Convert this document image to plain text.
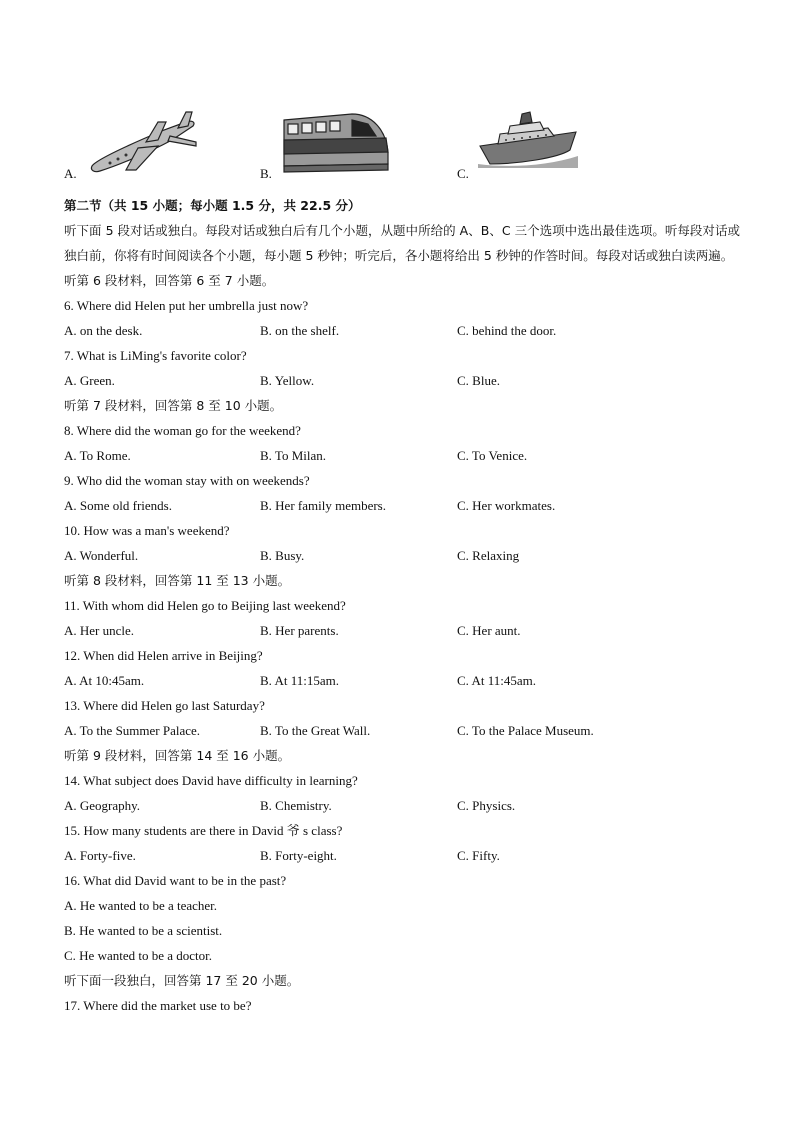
A.	B.	C.
第二节（共 15 小题；每小题 1.5 分，共 22.5 分）
听下面 5 段对话或独白。每段对话或独白后有几个小题，从题中所给的 A、B、C 三个选项中选出最佳选项。听每段对话或独白前，你将有时间阅读各个小题，每小题 5 秒钟；听完后，各小题将给出 5 秒钟的作答时间。每段对话或独白读两遍。
听第 6 段材料，回答第 6 至 7 小题。
6. Where did Helen put her umbrella just now?
A. on the desk.	B. on the shelf.	C. behind the door.
7. What is LiMing's favorite color?
A. Green.	B. Yellow.	C. Blue.
听第 7 段材料，回答第 8 至 10 小题。
8. Where did the woman go for the weekend?
A. To Rome.	B. To Milan.	C. To Venice.
9. Who did the woman stay with on weekends?
A. Some old friends.	B. Her family members.	C. Her workmates.
10. How was a man's weekend?
A. Wonderful.	B. Busy.	C. Relaxing
听第 8 段材料，回答第 11 至 13 小题。
11. With whom did Helen go to Beijing last weekend?
A. Her uncle.	B. Her parents.	C. Her aunt.
12. When did Helen arrive in Beijing?
A. At 10:45am.	B. At 11:15am.	C. At 11:45am.
13. Where did Helen go last Saturday?
A. To the Summer Palace.	B. To the Great Wall.	C. To the Palace Museum.
听第 9 段材料，回答第 14 至 16 小题。
14. What subject does David have difficulty in learning?
A. Geography.	B. Chemistry.	C. Physics.
15. How many students are there in David 爷 s class?
A. Forty-five.	B. Forty-eight.	C. Fifty.
16. What did David want to be in the past?
A. He wanted to be a teacher.
B. He wanted to be a scientist.
C. He wanted to be a doctor.
听下面一段独白，回答第 17 至 20 小题。
17. Where did the market use to be?
